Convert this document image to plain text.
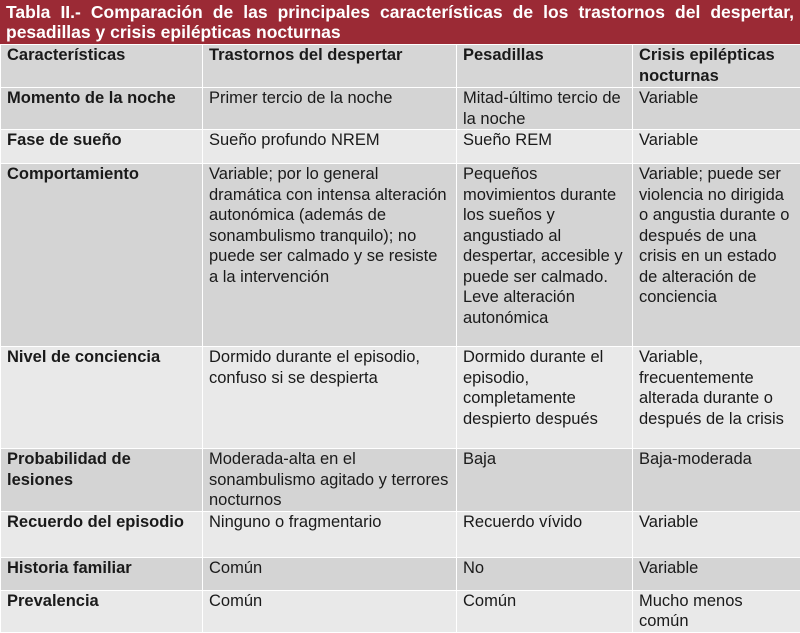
Tabla II.- Comparación de las principales características de los trastornos del despertar, pesadillas y crisis epilépticas nocturnas
Características	Trastornos del despertar	Pesadillas	Crisis epilépticas nocturnas
Momento de la noche	Primer tercio de la noche	Mitad-último tercio de la noche	Variable
Fase de sueño	Sueño profundo NREM	Sueño REM	Variable
Comportamiento	Variable; por lo general dramática con intensa alteración autonómica (además de sonambulismo tranquilo); no puede ser calmado y se resiste a la intervención	Pequeños movimientos durante los sueños y angustiado al despertar, accesible y puede ser calmado. Leve alteración autonómica	Variable; puede ser violencia no dirigida o angustia durante o después de una crisis en un estado de alteración de conciencia
Nivel de conciencia	Dormido durante el episodio, confuso si se despierta	Dormido durante el episodio, completamente despierto después	Variable, frecuentemente alterada durante o después de la crisis
Probabilidad de lesiones	Moderada-alta en el sonambulismo agitado y terrores nocturnos	Baja	Baja-moderada
Recuerdo del episodio	Ninguno o fragmentario	Recuerdo vívido	Variable
Historia familiar	Común	No	Variable
Prevalencia	Común	Común	Mucho menos común
